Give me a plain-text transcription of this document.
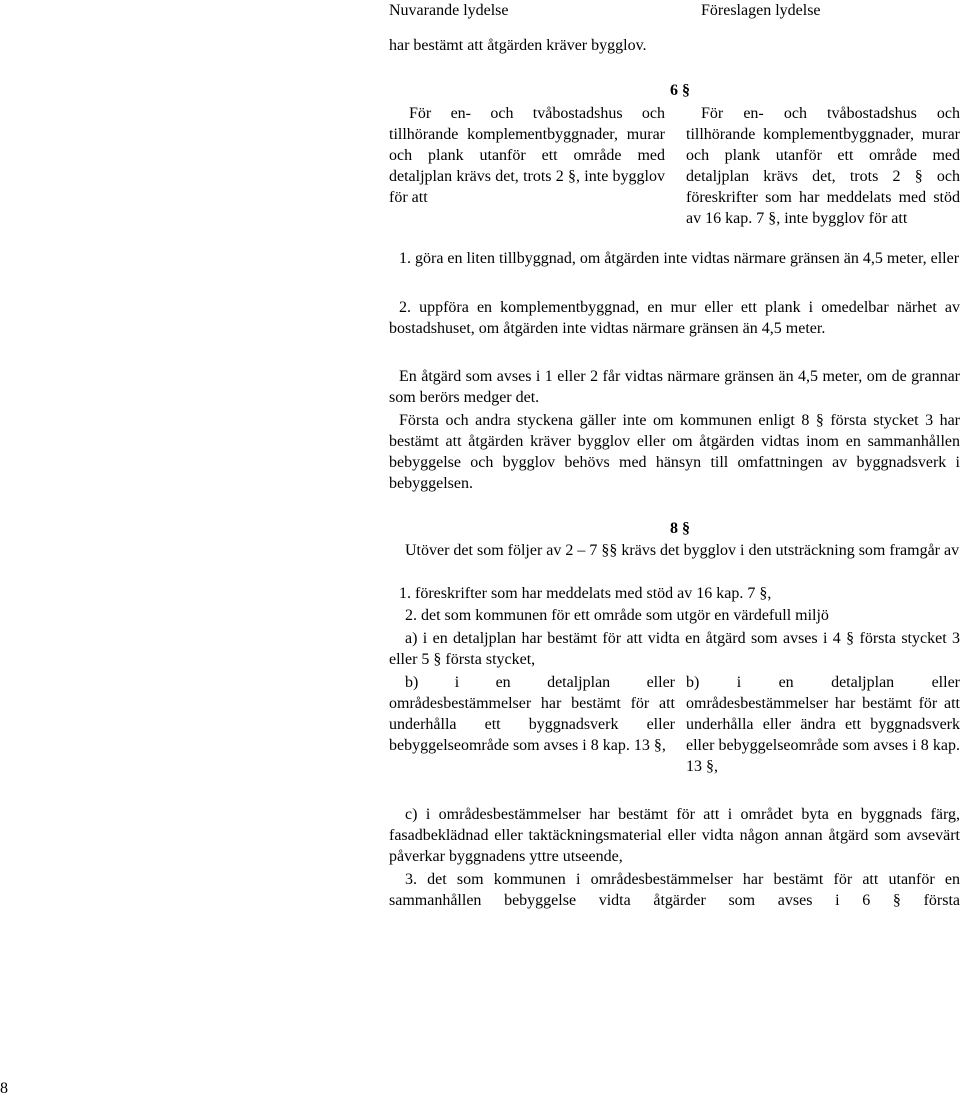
Nuvarande lydelse	Föreslagen lydelse

har bestämt att åtgärden kräver bygglov.

6 §

För en- och tvåbostadshus och tillhörande komplementbyggnader, murar och plank utanför ett område med detaljplan krävs det, trots 2 §, inte bygglov för att

För en- och tvåbostadshus och tillhörande komplementbyggnader, murar och plank utanför ett område med detaljplan krävs det, trots 2 § och föreskrifter som har meddelats med stöd av 16 kap. 7 §, inte bygglov för att

1. göra en liten tillbyggnad, om åtgärden inte vidtas närmare gränsen än 4,5 meter, eller

2. uppföra en komplementbyggnad, en mur eller ett plank i omedelbar närhet av bostadshuset, om åtgärden inte vidtas närmare gränsen än 4,5 meter.

En åtgärd som avses i 1 eller 2 får vidtas närmare gränsen än 4,5 meter, om de grannar som berörs medger det.

Första och andra styckena gäller inte om kommunen enligt 8 § första stycket 3 har bestämt att åtgärden kräver bygglov eller om åtgärden vidtas inom en sammanhållen bebyggelse och bygglov behövs med hänsyn till omfattningen av byggnadsverk i bebyggelsen.

8 §

Utöver det som följer av 2 – 7 §§ krävs det bygglov i den utsträckning som framgår av

1. föreskrifter som har meddelats med stöd av 16 kap. 7 §,

2. det som kommunen för ett område som utgör en värdefull miljö

a) i en detaljplan har bestämt för att vidta en åtgärd som avses i 4 § första stycket 3 eller 5 § första stycket,

b) i en detaljplan eller områdesbestämmelser har bestämt för att underhålla ett byggnadsverk eller bebyggelseområde som avses i 8 kap. 13 §,

b) i en detaljplan eller områdesbestämmelser har bestämt för att underhålla eller ändra ett byggnadsverk eller bebyggelseområde som avses i 8 kap. 13 §,

c) i områdesbestämmelser har bestämt för att i området byta en byggnads färg, fasadbeklädnad eller taktäckningsmaterial eller vidta någon annan åtgärd som avsevärt påverkar byggnadens yttre utseende,

3. det som kommunen i områdesbestämmelser har bestämt för att utanför en sammanhållen bebyggelse vidta åtgärder som avses i 6 § första

8
